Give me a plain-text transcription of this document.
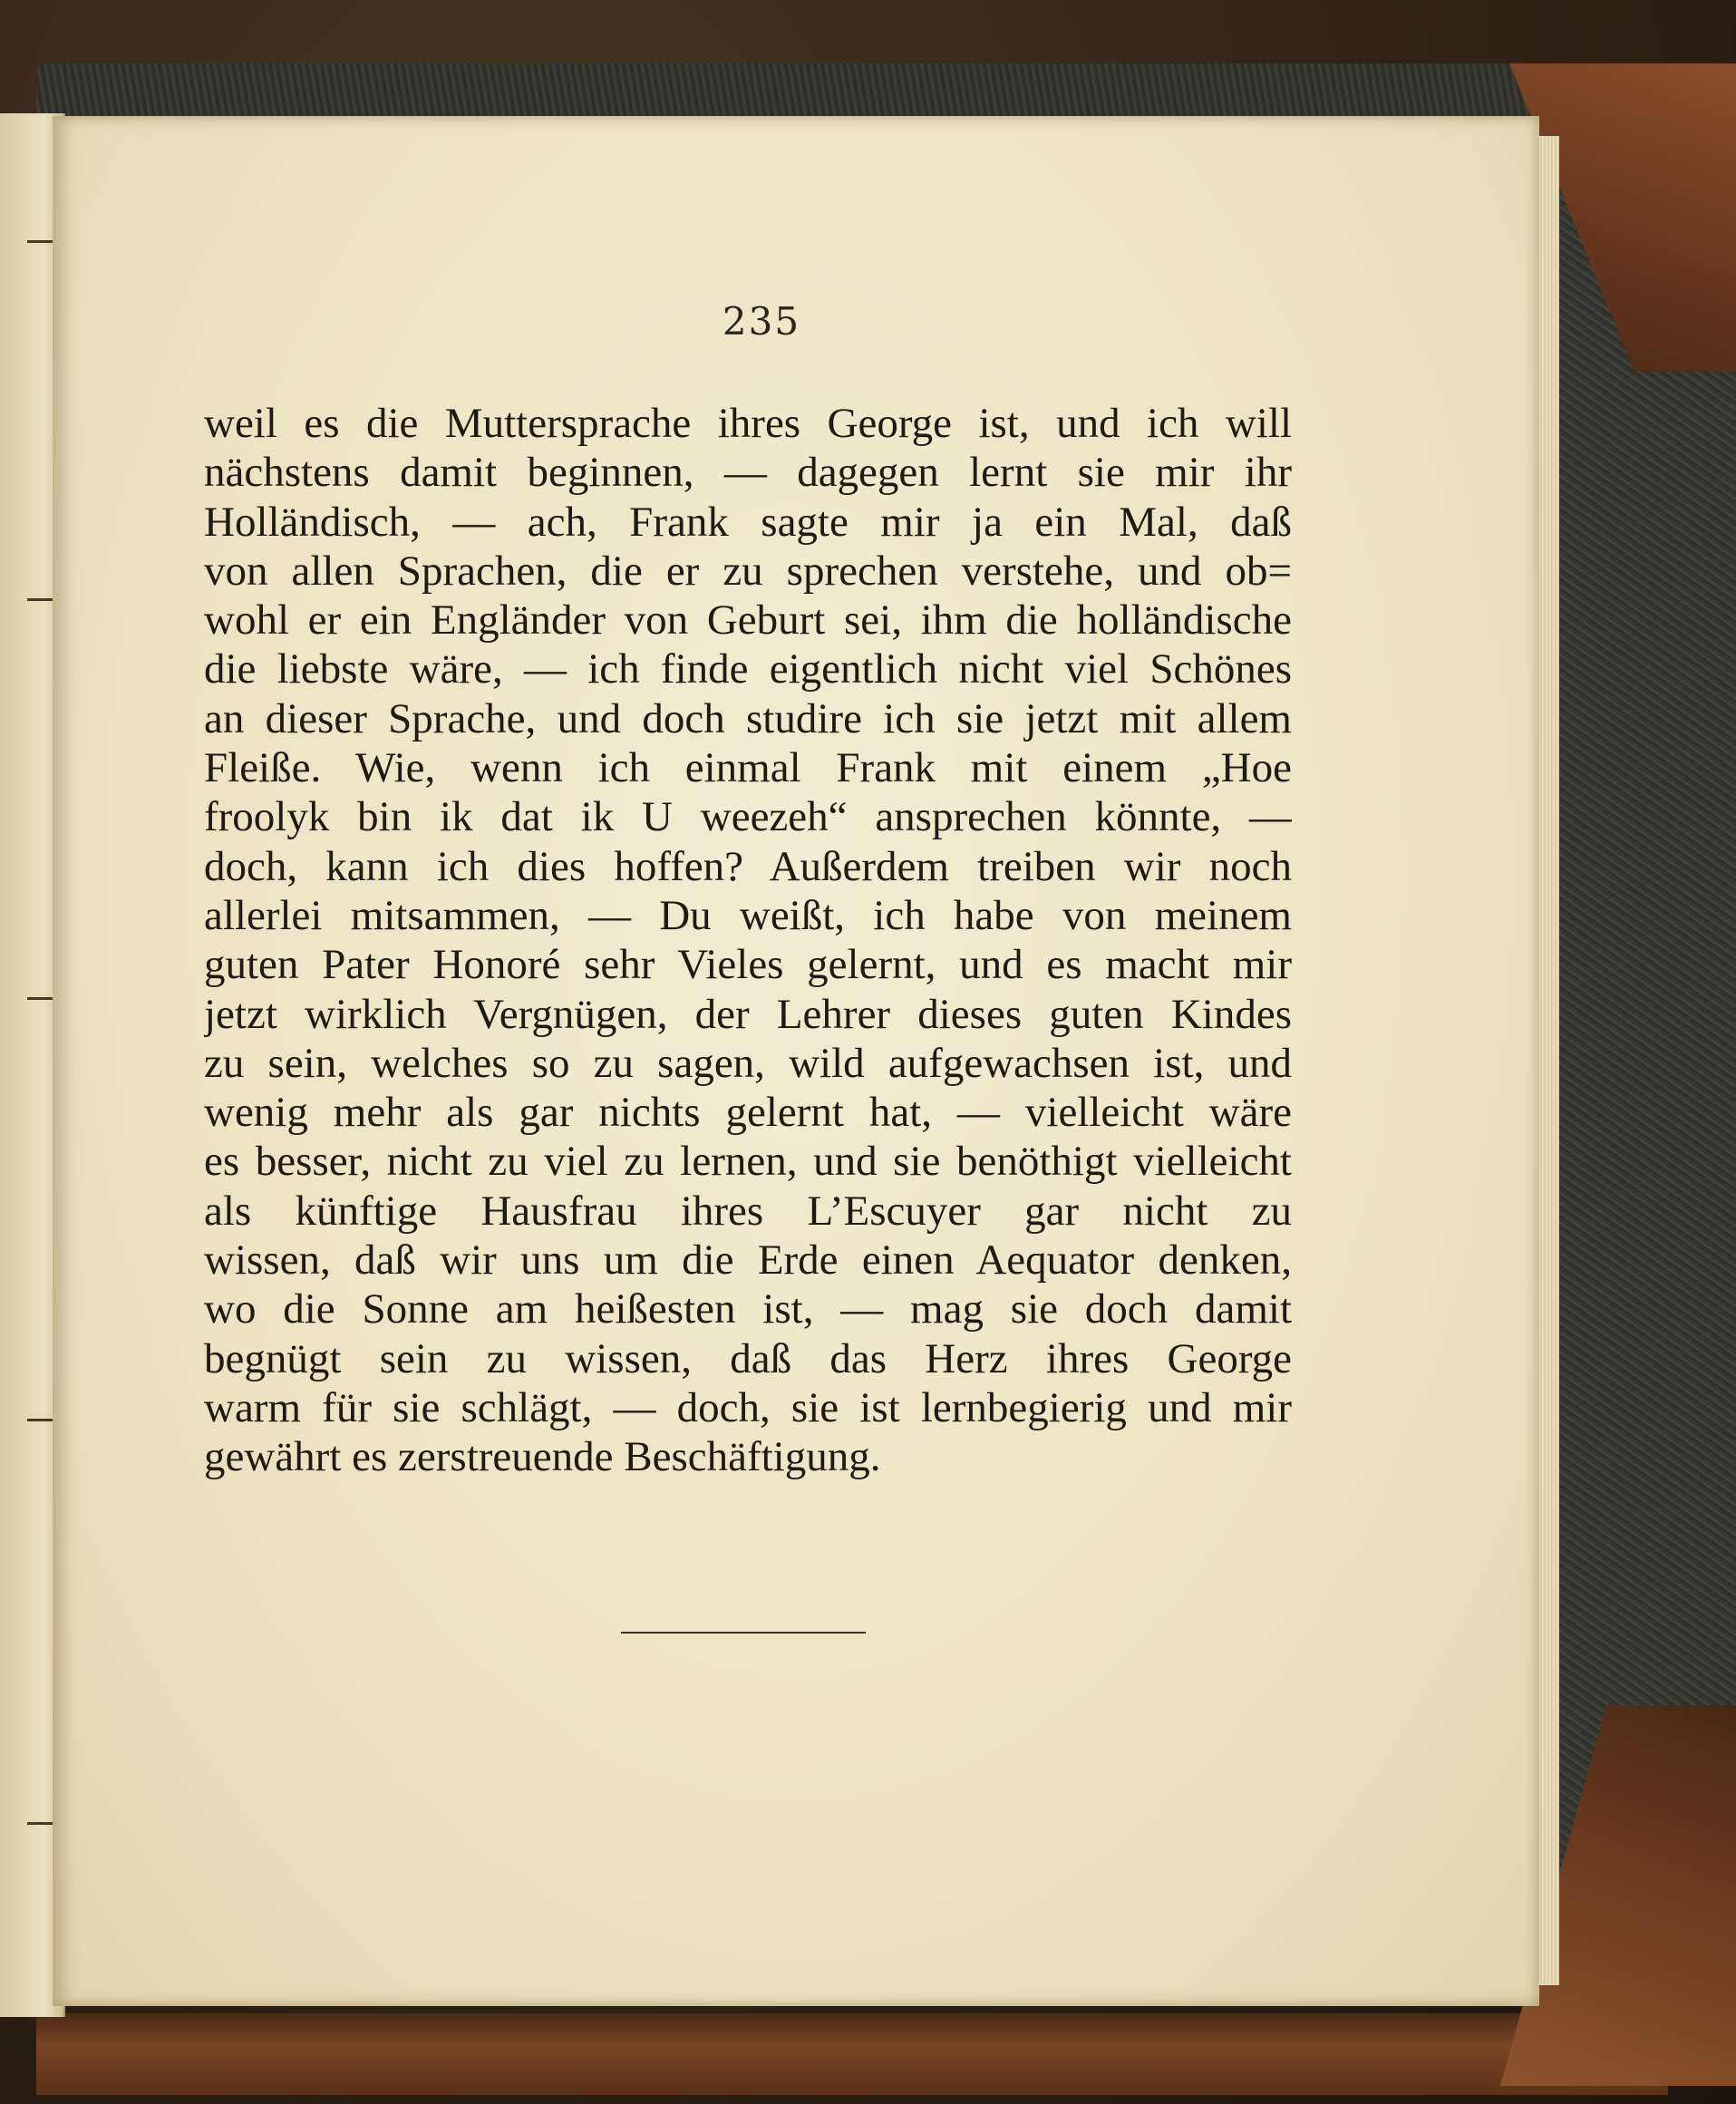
235
weil es die Muttersprache ihres George ist, und ich will
nächstens damit beginnen, — dagegen lernt sie mir ihr
Holländisch, — ach, Frank sagte mir ja ein Mal, daß
von allen Sprachen, die er zu sprechen verstehe, und ob=
wohl er ein Engländer von Geburt sei, ihm die holländische
die liebste wäre, — ich finde eigentlich nicht viel Schönes
an dieser Sprache, und doch studire ich sie jetzt mit allem
Fleiße. Wie, wenn ich einmal Frank mit einem „Hoe
froolyk bin ik dat ik U weezeh“ ansprechen könnte, —
doch, kann ich dies hoffen? Außerdem treiben wir noch
allerlei mitsammen, — Du weißt, ich habe von meinem
guten Pater Honoré sehr Vieles gelernt, und es macht mir
jetzt wirklich Vergnügen, der Lehrer dieses guten Kindes
zu sein, welches so zu sagen, wild aufgewachsen ist, und
wenig mehr als gar nichts gelernt hat, — vielleicht wäre
es besser, nicht zu viel zu lernen, und sie benöthigt vielleicht
als künftige Hausfrau ihres L’Escuyer gar nicht zu
wissen, daß wir uns um die Erde einen Aequator denken,
wo die Sonne am heißesten ist, — mag sie doch damit
begnügt sein zu wissen, daß das Herz ihres George
warm für sie schlägt, — doch, sie ist lernbegierig und mir
gewährt es zerstreuende Beschäftigung.
